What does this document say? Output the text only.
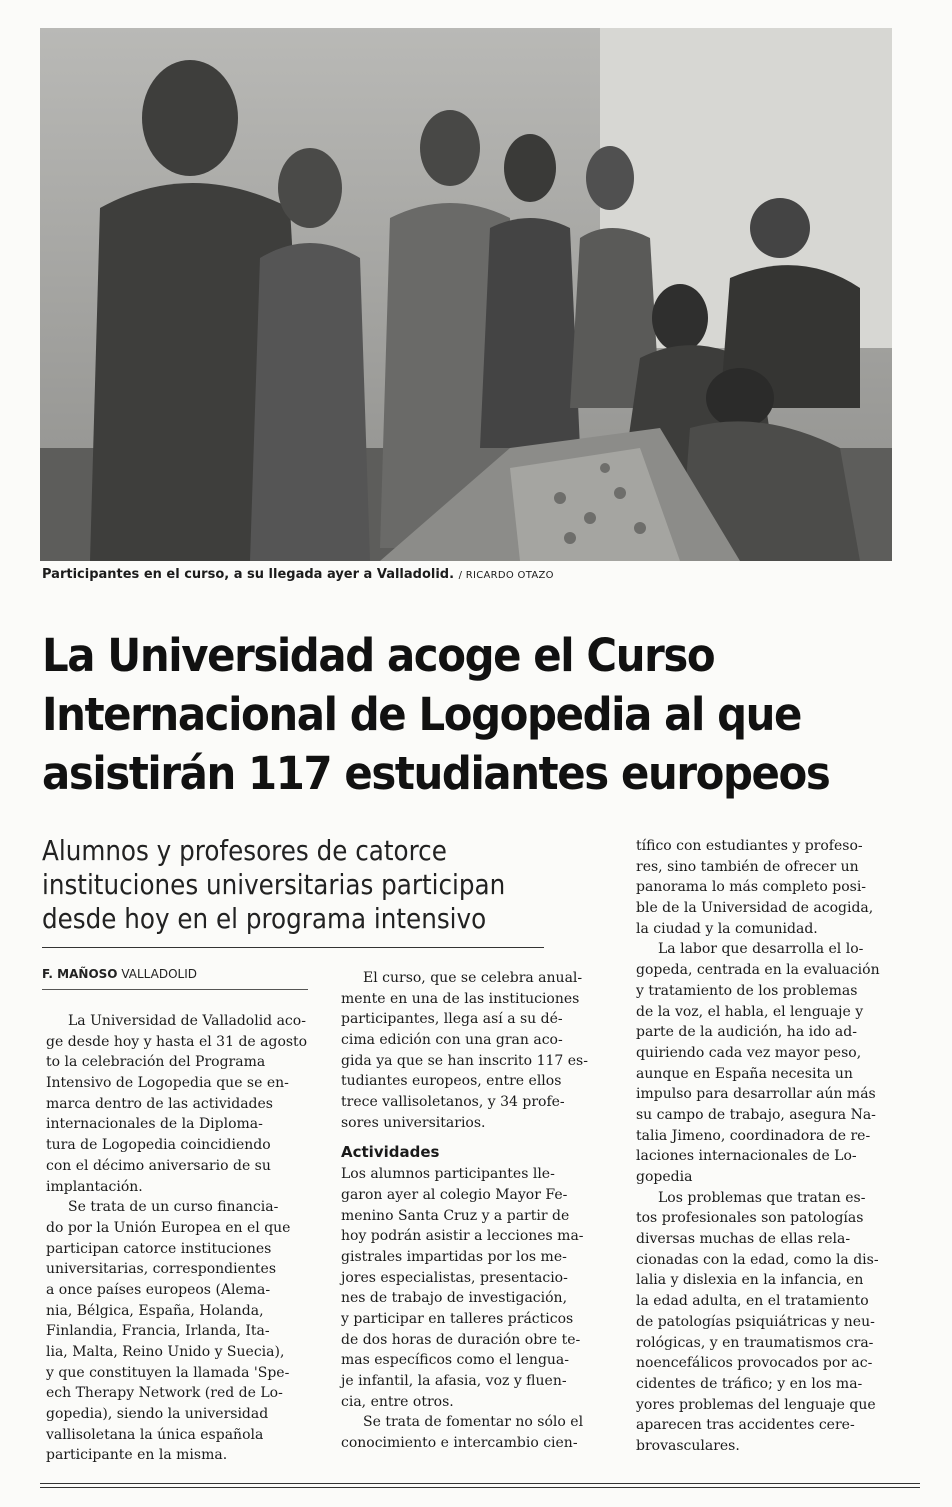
Participantes en el curso, a su llegada ayer a Valladolid. / RICARDO OTAZO
La Universidad acoge el Curso
Internacional de Logopedia al que
asistirán 117 estudiantes europeos
Alumnos y profesores de catorce
instituciones universitarias participan
desde hoy en el programa intensivo
F. MAÑOSO VALLADOLID
La Universidad de Valladolid aco-
ge desde hoy y hasta el 31 de agosto
to la celebración del Programa
Intensivo de Logopedia que se en-
marca dentro de las actividades
internacionales de la Diploma-
tura de Logopedia coincidiendo
con el décimo aniversario de su
implantación.
Se trata de un curso financia-
do por la Unión Europea en el que
participan catorce instituciones
universitarias, correspondientes
a once países europeos (Alema-
nia, Bélgica, España, Holanda,
Finlandia, Francia, Irlanda, Ita-
lia, Malta, Reino Unido y Suecia),
y que constituyen la llamada 'Spe-
ech Therapy Network (red de Lo-
gopedia), siendo la universidad
vallisoletana la única española
participante en la misma.
El curso, que se celebra anual-
mente en una de las instituciones
participantes, llega así a su dé-
cima edición con una gran aco-
gida ya que se han inscrito 117 es-
tudiantes europeos, entre ellos
trece vallisoletanos, y 34 profe-
sores universitarios.
Actividades
Los alumnos participantes lle-
garon ayer al colegio Mayor Fe-
menino Santa Cruz y a partir de
hoy podrán asistir a lecciones ma-
gistrales impartidas por los me-
jores especialistas, presentacio-
nes de trabajo de investigación,
y participar en talleres prácticos
de dos horas de duración obre te-
mas específicos como el lengua-
je infantil, la afasia, voz y fluen-
cia, entre otros.
Se trata de fomentar no sólo el
conocimiento e intercambio cien-
tífico con estudiantes y profeso-
res, sino también de ofrecer un
panorama lo más completo posi-
ble de la Universidad de acogida,
la ciudad y la comunidad.
La labor que desarrolla el lo-
gopeda, centrada en la evaluación
y tratamiento de los problemas
de la voz, el habla, el lenguaje y
parte de la audición, ha ido ad-
quiriendo cada vez mayor peso,
aunque en España necesita un
impulso para desarrollar aún más
su campo de trabajo, asegura Na-
talia Jimeno, coordinadora de re-
laciones internacionales de Lo-
gopedia
Los problemas que tratan es-
tos profesionales son patologías
diversas muchas de ellas rela-
cionadas con la edad, como la dis-
lalia y dislexia en la infancia, en
la edad adulta, en el tratamiento
de patologías psiquiátricas y neu-
rológicas, y en traumatismos cra-
noencefálicos provocados por ac-
cidentes de tráfico; y en los ma-
yores problemas del lenguaje que
aparecen tras accidentes cere-
brovasculares.
